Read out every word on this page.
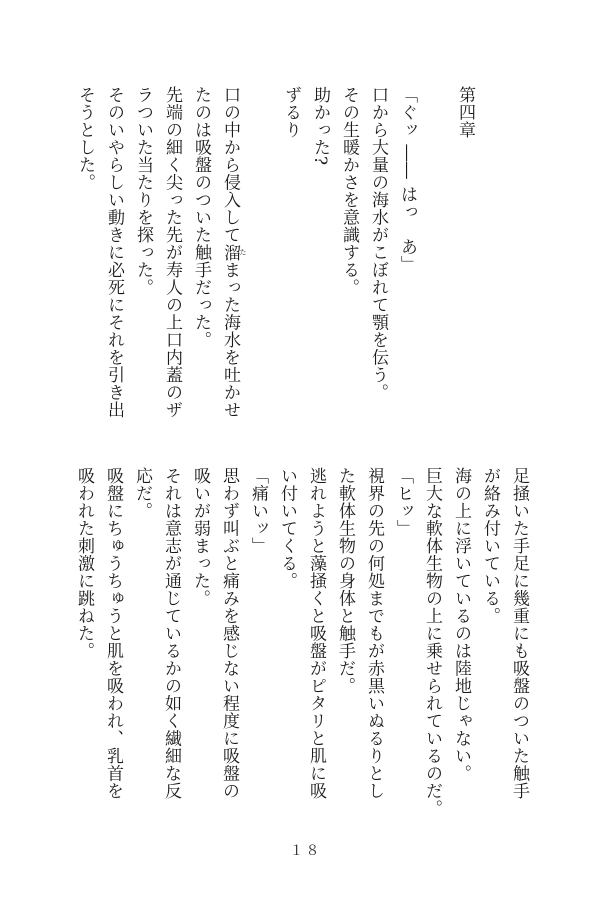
第四章
「ぐッ ―― はっ　あ」
口から大量の海水がこぼれて顎を伝う。
その生暖かさを意識する。
助かった?
ずるり
口の中から侵入して溜 たまった海水を吐かせ
たのは吸盤のついた触手だった。
先端の細く尖った先が寿人の上口内蓋のザ
ラついた当たりを探った。
そのいやらしい動きに必死にそれを引き出
そうとした。
足掻いた手足に幾重にも吸盤のついた触手
が絡み付いている。
海の上に浮いているのは陸地じゃない。
巨大な軟体生物の上に乗せられているのだ。
「ヒッ」
視界の先の何処までもが赤黒いぬるりとし
た軟体生物の身体と触手だ。
逃れようと藻掻くと吸盤がピタリと肌に吸
い付いてくる。
「痛いッ」
思わず叫ぶと痛みを感じない程度に吸盤の
吸いが弱まった。
それは意志が通じているかの如く繊細な反
応だ。
吸盤にちゅうちゅうと肌を吸われ、乳首を
吸われた刺激に跳ねた。
１８
